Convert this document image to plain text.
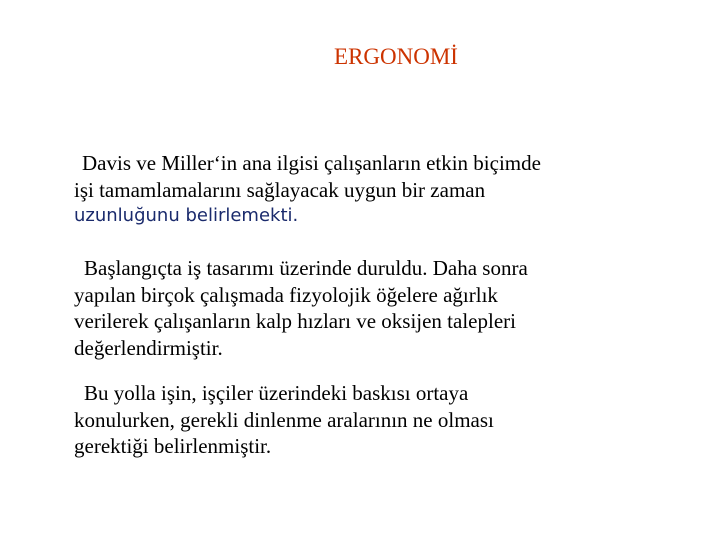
ERGONOMİ
Davis ve Miller‘in ana ilgisi çalışanların etkin biçimde
işi tamamlamalarını sağlayacak uygun bir zaman
uzunluğunu belirlemekti.
Başlangıçta iş tasarımı üzerinde duruldu. Daha sonra
yapılan birçok çalışmada fizyolojik öğelere ağırlık
verilerek çalışanların kalp hızları ve oksijen talepleri
değerlendirmiştir.
Bu yolla işin, işçiler üzerindeki baskısı ortaya
konulurken, gerekli dinlenme aralarının ne olması
gerektiği belirlenmiştir.
